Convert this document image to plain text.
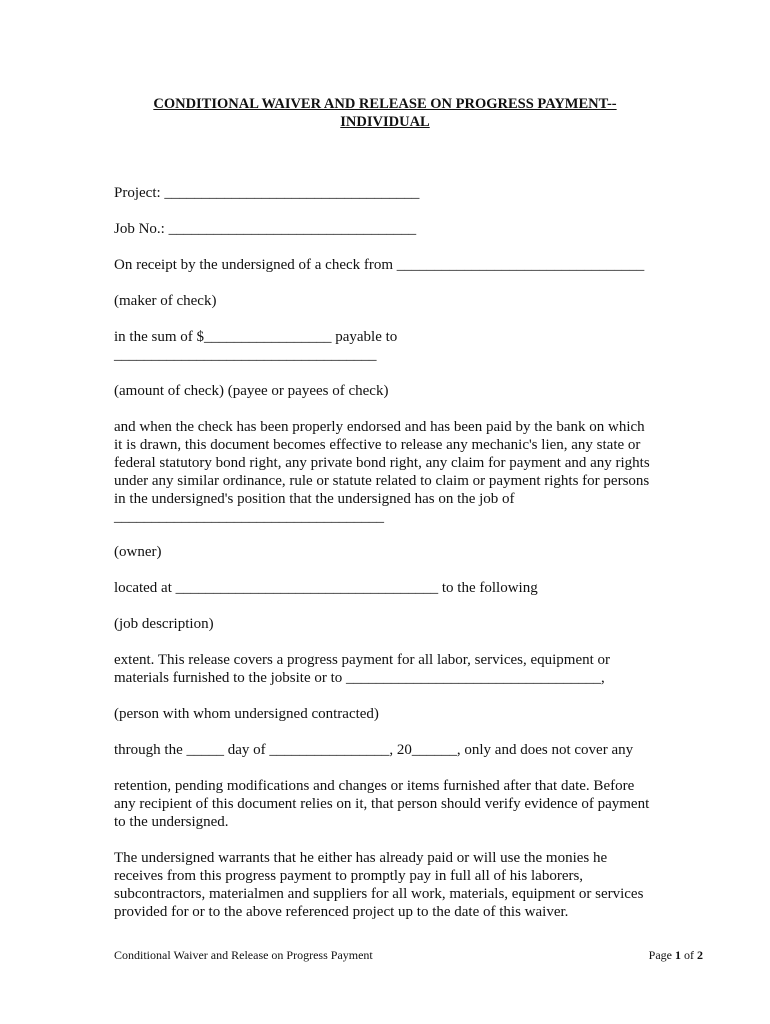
CONDITIONAL WAIVER AND RELEASE ON PROGRESS PAYMENT--
INDIVIDUAL
Project: __________________________________
Job No.: _________________________________
On receipt by the undersigned of a check from _________________________________
(maker of check)
in the sum of $_________________ payable to
___________________________________
(amount of check) (payee or payees of check)
and when the check has been properly endorsed and has been paid by the bank on which
it is drawn, this document becomes effective to release any mechanic's lien, any state or
federal statutory bond right, any private bond right, any claim for payment and any rights
under any similar ordinance, rule or statute related to claim or payment rights for persons
in the undersigned's position that the undersigned has on the job of
____________________________________
(owner)
located at ___________________________________ to the following
(job description)
extent. This release covers a progress payment for all labor, services, equipment or
materials furnished to the jobsite or to __________________________________,
(person with whom undersigned contracted)
through the _____ day of ________________, 20______, only and does not cover any
retention, pending modifications and changes or items furnished after that date. Before
any recipient of this document relies on it, that person should verify evidence of payment
to the undersigned.
The undersigned warrants that he either has already paid or will use the monies he
receives from this progress payment to promptly pay in full all of his laborers,
subcontractors, materialmen and suppliers for all work, materials, equipment or services
provided for or to the above referenced project up to the date of this waiver.
Conditional Waiver and Release on Progress Payment	Page 1 of 2
